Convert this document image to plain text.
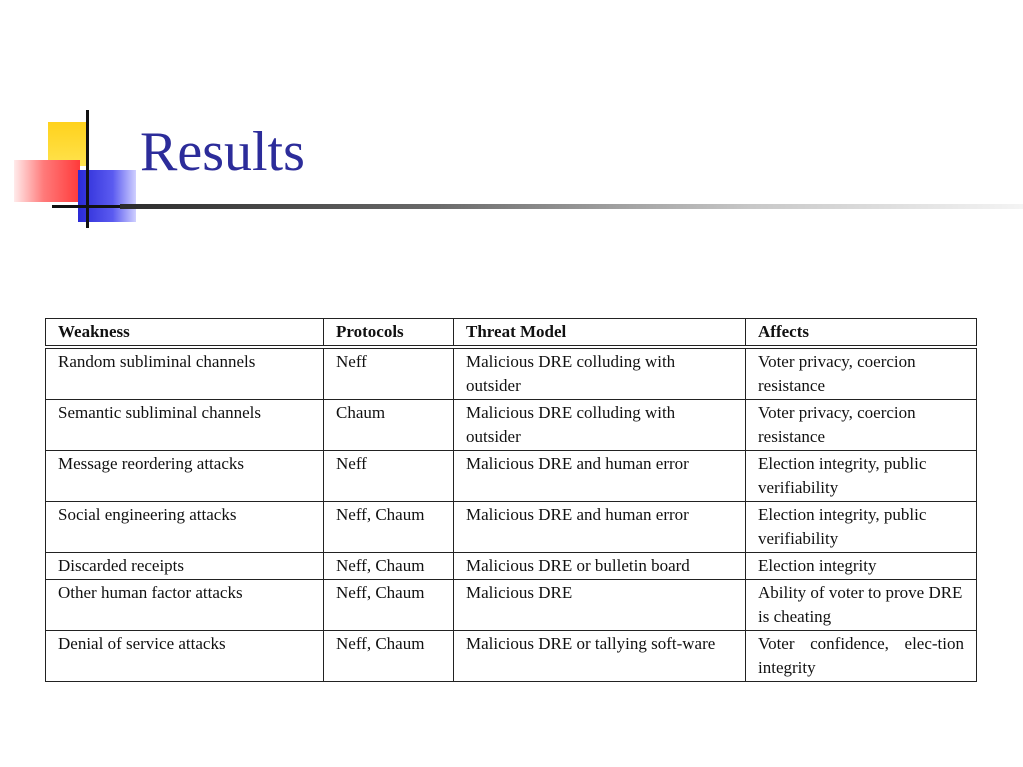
Results
Weakness	Protocols	Threat Model	Affects
Random subliminal channels	Neff	Malicious DRE colluding with outsider	Voter privacy, coercion resistance
Semantic subliminal channels	Chaum	Malicious DRE colluding with outsider	Voter privacy, coercion resistance
Message reordering attacks	Neff	Malicious DRE and human error	Election integrity, public verifiability
Social engineering attacks	Neff, Chaum	Malicious DRE and human error	Election integrity, public verifiability
Discarded receipts	Neff, Chaum	Malicious DRE or bulletin board	Election integrity
Other human factor attacks	Neff, Chaum	Malicious DRE	Ability of voter to prove DRE is cheating
Denial of service attacks	Neff, Chaum	Malicious DRE or tallying soft-ware	Voter confidence, elec-tion integrity
